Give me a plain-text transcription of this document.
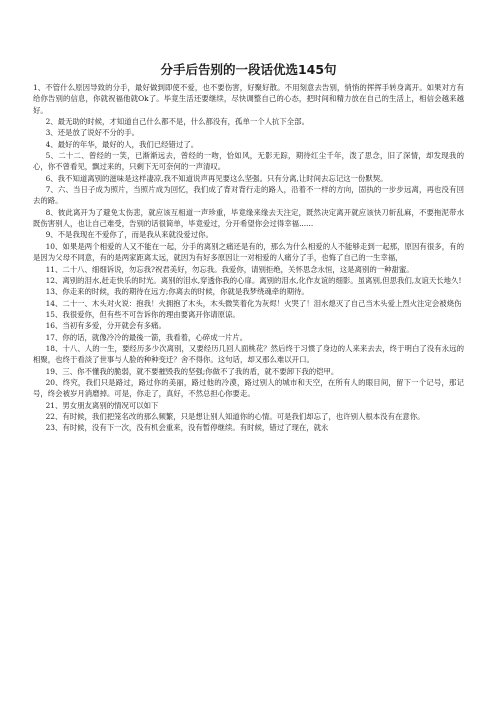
分手后告别的一段话优选145句

1、不管什么原因导致的分手，最好做到即使不爱，也不要伤害，好聚好散。不用刻意去告别，悄悄的挥挥手转身离开。如果对方有给你告别的信息，你就祝福他就Ok了。毕竟生活还要继续，尽快调整自己的心态，把时间和精力放在自己的生活上，相信会越来越好。

2、最无助的时候，才知道自己什么都不是，什么都没有，孤单一个人抗下全部。

3、还是放了说好不分的手。

4、最好的年华，最好的人，我们已经错过了。

5、二十二、曾经的一笑，已渐渐远去，曾经的一吻，恰如风，无影无踪，期待红尘千年，泼了思念，旧了深情，却发现我的心，你不曾看见，飘过来的，只剩下无可奈何的一声清叹。

6、我不知道离别的滋味是这样凄凉,我不知道说声再见要这么坚强。只有分离,让时间去忘记这一份默契。

7、六、当日子成为照片，当照片成为回忆，我们成了背对背行走的路人，沿着不一样的方向，固执的一步步远离，再也没有回去的路。

8、彼此离开为了避免太伤悲，就应该互相道一声珍重，毕竟缘来缘去天注定，既然决定离开就应该快刀斩乱麻，不要拖泥带水既伤害别人，也让自己难受，告别的话很简单，毕竟爱过，分开希望你会过得幸福......

9、不是我现在不爱你了，而是我从来就没爱过你。

10、如果是两个相爱的人又不能在一起，分手的离别之痛还是有的，那么为什么相爱的人不能够走到一起那，原因有很多，有的是因为父母不同意，有的是两家距离太远，就因为有好多原因让一对相爱的人痛分了手，也悔了自己的一生幸福，

11、二十八、细细诉说，勿忘我?祝君美好，勿忘我。我爱你，请别拒绝，关怀思念永恒，这是离别的一种甜蜜。

12、离别的泪水,赶走快乐的时光。离别的泪水,穿透你我的心扉。离别的泪水,化作友谊的细影。虽离别,但思我们,友谊天长地久!

13、你走来的时候，我的期待在远方;你离去的时候，你就是我梦绕魂牵的期待。

14、二十一、木头对火说：抱我！火拥抱了木头，木头微笑着化为灰烬！火哭了！泪水熄灭了自己当木头爱上烈火注定会被烧伤

15、我很爱你，但有些不可告诉你的理由要离开你请原谅。

16、当初有多爱，分开就会有多痛。

17、你的话，就像冷冷的最後一箭，我看着，心碎成一片片。

18、十八、人的一生，要经历多少次离别，又要经历几回人面桃花？然后终于习惯了身边的人来来去去，终于明白了没有永远的相聚，也终于看淡了世事与人脸的种种变迁？舍不得你。这句话，却又那么难以开口。

19、三、你不懂我的脆弱，就不要摧毁我的坚强;你做不了我的盾，就不要卸下我的铠甲。

20、终究，我们只是路过，路过你的美丽，路过他的冷漠，路过别人的城市和天空，在所有人的眼目间，留下一个记号，那记号，终会被岁月消磨掉。可是，你走了，真好，不然总担心你要走。

21、男女朋友离别的情况可以如下

22、有时候，我们把笼名改的那么频繁，只是想让别人知道你的心情。可是我们却忘了，也许别人根本没有在意你。

23、有时候，没有下一次，没有机会重来，没有暂停继续。有时候，错过了现在，就永
